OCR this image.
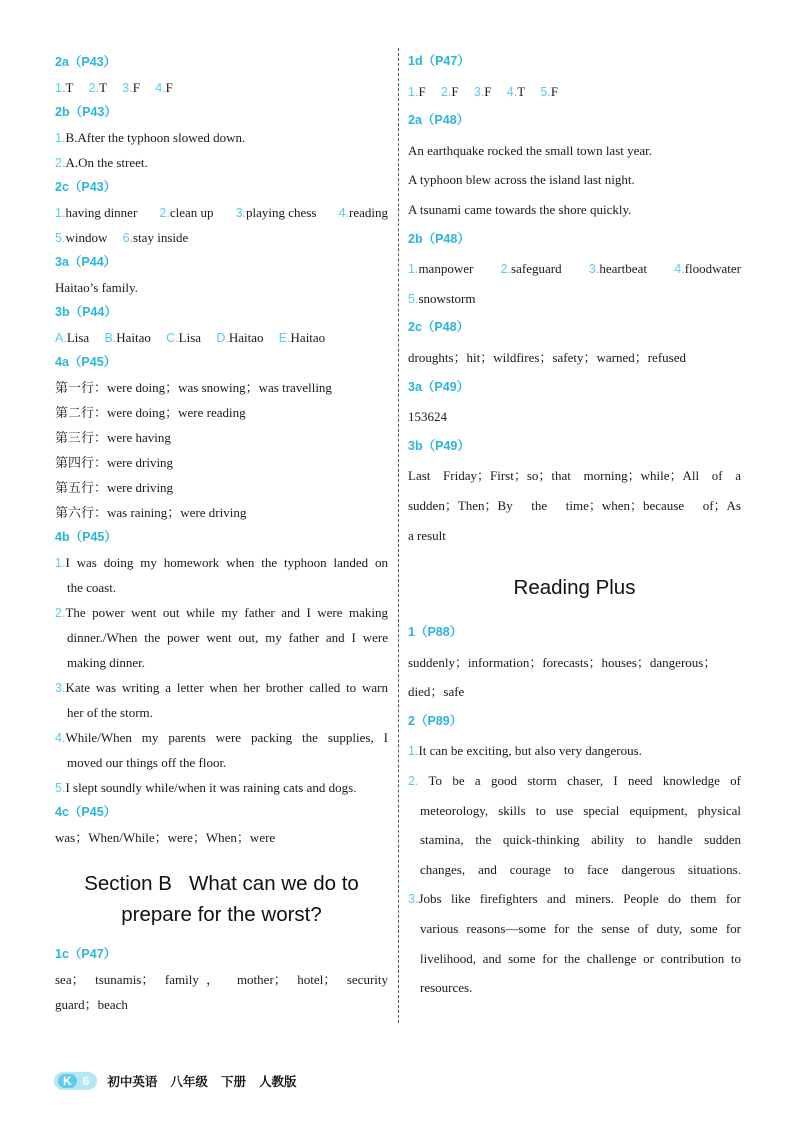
2a（P43）
1.T 2.T 3.F 4.F
2b（P43）
1.B.After the typhoon slowed down.
2.A.On the street.
2c（P43）
1.having dinner 2.clean up 3.playing chess 4.reading
5.window 6.stay inside
3a（P44）
Haitao’s family.
3b（P44）
A.Lisa B.Haitao C.Lisa D.Haitao E.Haitao
4a（P45）
第一行：were doing；was snowing；was travelling
第二行：were doing；were reading
第三行：were having
第四行：were driving
第五行：were driving
第六行：was raining；were driving
4b（P45）
1.I was doing my homework when the typhoon landed on
the coast.
2.The power went out while my father and I were making
dinner./When the power went out, my father and I were
making dinner.
3.Kate was writing a letter when her brother called to warn
her of the storm.
4.While/When my parents were packing the supplies, I
moved our things off the floor.
5.I slept soundly while/when it was raining cats and dogs.
4c（P45）
was；When/While；were；When；were
Section B   What can we do to
prepare for the worst?
1c（P47）
sea； tsunamis； family， mother； hotel； security
guard；beach
1d（P47）
1.F 2.F 3.F 4.T 5.F
2a（P48）
An earthquake rocked the small town last year.
A typhoon blew across the island last night.
A tsunami came towards the shore quickly.
2b（P48）
1.manpower 2.safeguard 3.heartbeat 4.floodwater
5.snowstorm
2c（P48）
droughts；hit；wildfires；safety；warned；refused
3a（P49）
153624
3b（P49）
Last Friday；First；so；that morning；while；All of a
sudden；Then；By the time；when；because of；As
a result
Reading Plus
1（P88）
suddenly；information；forecasts；houses；dangerous；
died；safe
2（P89）
1.It can be exciting, but also very dangerous.
2. To be a good storm chaser, I need knowledge of
meteorology, skills to use special equipment, physical
stamina, the quick-thinking ability to handle sudden
changes, and courage to face dangerous situations.
3.Jobs like firefighters and miners. People do them for
various reasons—some for the sense of duty, some for
livelihood, and some for the challenge or contribution to
resources.
K 6 初中英语   八年级   下册   人教版
